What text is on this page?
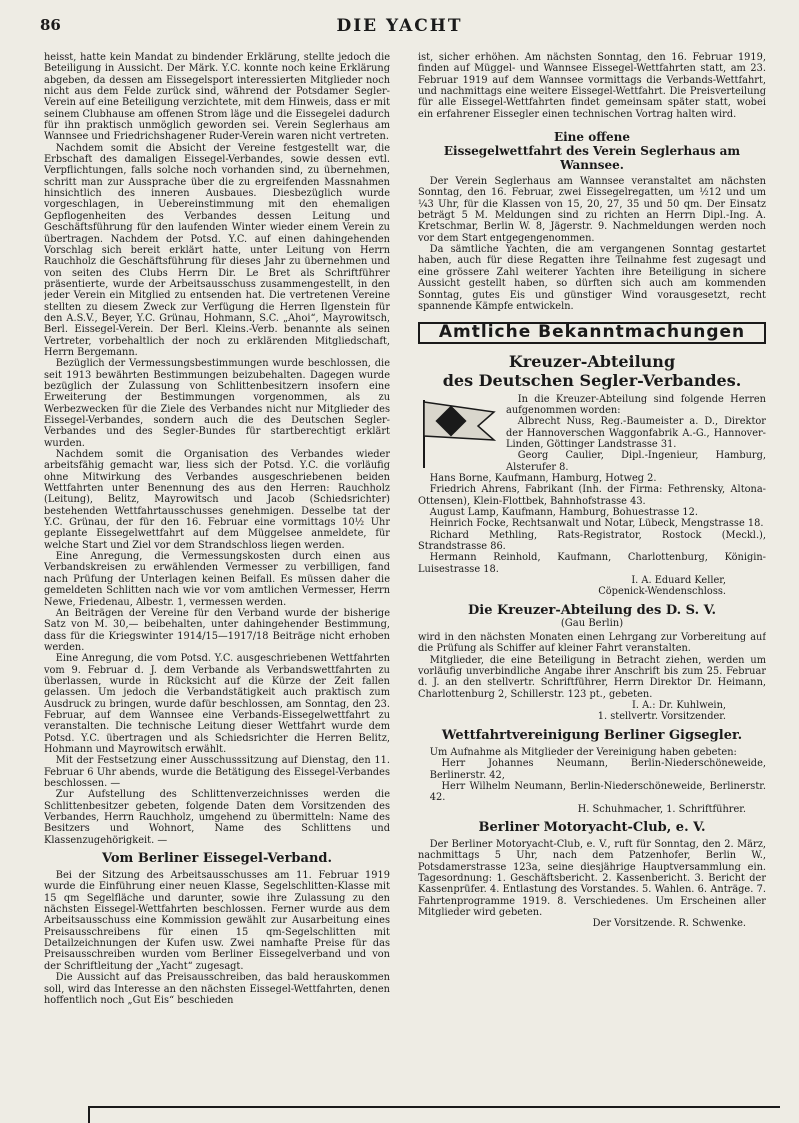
86	DIE YACHT

heisst, hatte kein Mandat zu bindender Erklärung, stellte jedoch die Beteiligung in Aussicht. Der Märk. Y.C. konnte noch keine Erklärung abgeben, da dessen am Eissegelsport interessierten Mitglieder noch nicht aus dem Felde zurück sind, während der Potsdamer Segler-Verein auf eine Beteiligung verzichtete, mit dem Hinweis, dass er mit seinem Clubhause am offenen Strom läge und die Eissegelei dadurch für ihn praktisch unmöglich geworden sei. Verein Seglerhaus am Wannsee und Friedrichshagener Ruder-Verein waren nicht vertreten.

Nachdem somit die Absicht der Vereine festgestellt war, die Erbschaft des damaligen Eissegel-Verbandes, sowie dessen evtl. Verpflichtungen, falls solche noch vorhanden sind, zu übernehmen, schritt man zur Aussprache über die zu ergreifenden Massnahmen hinsichtlich des inneren Ausbaues. Diesbezüglich wurde vorgeschlagen, in Uebereinstimmung mit den ehemaligen Gepflogenheiten des Verbandes dessen Leitung und Geschäftsführung für den laufenden Winter wieder einem Verein zu übertragen. Nachdem der Potsd. Y.C. auf einen dahingehenden Vorschlag sich bereit erklärt hatte, unter Leitung von Herrn Rauchholz die Geschäftsführung für dieses Jahr zu übernehmen und von seiten des Clubs Herrn Dir. Le Bret als Schriftführer präsentierte, wurde der Arbeitsausschuss zusammengestellt, in den jeder Verein ein Mitglied zu entsenden hat. Die vertretenen Vereine stellten zu diesem Zweck zur Verfügung die Herren Ilgenstein für den A.S.V., Beyer, Y.C. Grünau, Hohmann, S.C. „Ahoi“, Mayrowitsch, Berl. Eissegel-Verein. Der Berl. Kleins.-Verb. benannte als seinen Vertreter, vorbehaltlich der noch zu erklärenden Mitgliedschaft, Herrn Bergemann.

Bezüglich der Vermessungsbestimmungen wurde beschlossen, die seit 1913 bewährten Bestimmungen beizubehalten. Dagegen wurde bezüglich der Zulassung von Schlittenbesitzern insofern eine Erweiterung der Bestimmungen vorgenommen, als zu Werbezwecken für die Ziele des Verbandes nicht nur Mitglieder des Eissegel-Verbandes, sondern auch die des Deutschen Segler-Verbandes und des Segler-Bundes für startberechtigt erklärt wurden.

Nachdem somit die Organisation des Verbandes wieder arbeitsfähig gemacht war, liess sich der Potsd. Y.C. die vorläufig ohne Mitwirkung des Verbandes ausgeschriebenen beiden Wettfahrten unter Benennung des aus den Herren: Rauchholz (Leitung), Belitz, Mayrowitsch und Jacob (Schiedsrichter) bestehenden Wettfahrtausschusses genehmigen. Desselbe tat der Y.C. Grünau, der für den 16. Februar eine vormittags 10½ Uhr geplante Eissegelwettfahrt auf dem Müggelsee anmeldete, für welche Start und Ziel vor dem Strandschloss liegen werden.

Eine Anregung, die Vermessungskosten durch einen aus Verbandskreisen zu erwählenden Vermesser zu verbilligen, fand nach Prüfung der Unterlagen keinen Beifall. Es müssen daher die gemeldeten Schlitten nach wie vor vom amtlichen Vermesser, Herrn Newe, Friedenau, Albestr. 1, vermessen werden.

An Beiträgen der Vereine für den Verband wurde der bisherige Satz von M. 30,— beibehalten, unter dahingehender Bestimmung, dass für die Kriegswinter 1914/15—1917/18 Beiträge nicht erhoben werden.

Eine Anregung, die vom Potsd. Y.C. ausgeschriebenen Wettfahrten vom 9. Februar d. J. dem Verbande als Verbandswettfahrten zu überlassen, wurde in Rücksicht auf die Kürze der Zeit fallen gelassen. Um jedoch die Verbandstätigkeit auch praktisch zum Ausdruck zu bringen, wurde dafür beschlossen, am Sonntag, den 23. Februar, auf dem Wannsee eine Verbands-Eissegelwettfahrt zu veranstalten. Die technische Leitung dieser Wettfahrt wurde dem Potsd. Y.C. übertragen und als Schiedsrichter die Herren Belitz, Hohmann und Mayrowitsch erwählt.

Mit der Festsetzung einer Ausschusssitzung auf Dienstag, den 11. Februar 6 Uhr abends, wurde die Betätigung des Eissegel-Verbandes beschlossen. —

Zur Aufstellung des Schlittenverzeichnisses werden die Schlittenbesitzer gebeten, folgende Daten dem Vorsitzenden des Verbandes, Herrn Rauchholz, umgehend zu übermitteln: Name des Besitzers und Wohnort, Name des Schlittens und Klassenzugehörigkeit. —

Vom Berliner Eissegel-Verband.

Bei der Sitzung des Arbeitsausschusses am 11. Februar 1919 wurde die Einführung einer neuen Klasse, Segelschlitten-Klasse mit 15 qm Segelfläche und darunter, sowie ihre Zulassung zu den nächsten Eissegel-Wettfahrten beschlossen. Ferner wurde aus dem Arbeitsausschuss eine Kommission gewählt zur Ausarbeitung eines Preisausschreibens für einen 15 qm-Segelschlitten mit Detailzeichnungen der Kufen usw. Zwei namhafte Preise für das Preisausschreiben wurden vom Berliner Eissegelverband und von der Schriftleitung der „Yacht“ zugesagt.

Die Aussicht auf das Preisausschreiben, das bald herauskommen soll, wird das Interesse an den nächsten Eissegel-Wettfahrten, denen hoffentlich noch „Gut Eis“ beschieden

ist, sicher erhöhen. Am nächsten Sonntag, den 16. Februar 1919, finden auf Müggel- und Wannsee Eissegel-Wettfahrten statt, am 23. Februar 1919 auf dem Wannsee vormittags die Verbands-Wettfahrt, und nachmittags eine weitere Eissegel-Wettfahrt. Die Preisverteilung für alle Eissegel-Wettfahrten findet gemeinsam später statt, wobei ein erfahrener Eissegler einen technischen Vortrag halten wird.

Eine offene
Eissegelwettfahrt des Verein Seglerhaus am Wannsee.

Der Verein Seglerhaus am Wannsee veranstaltet am nächsten Sonntag, den 16. Februar, zwei Eissegelregatten, um ½12 und um ¼3 Uhr, für die Klassen von 15, 20, 27, 35 und 50 qm. Der Einsatz beträgt 5 M. Meldungen sind zu richten an Herrn Dipl.-Ing. A. Kretschmar, Berlin W. 8, Jägerstr. 9. Nachmeldungen werden noch vor dem Start entgegengenommen.

Da sämtliche Yachten, die am vergangenen Sonntag gestartet haben, auch für diese Regatten ihre Teilnahme fest zugesagt und eine grössere Zahl weiterer Yachten ihre Beteiligung in sichere Aussicht gestellt haben, so dürften sich auch am kommenden Sonntag, gutes Eis und günstiger Wind vorausgesetzt, recht spannende Kämpfe entwickeln.

Amtliche Bekanntmachungen
Kreuzer-Abteilung
des Deutschen Segler-Verbandes.

In die Kreuzer-Abteilung sind folgende Herren aufgenommen worden:

Albrecht Nuss, Reg.-Baumeister a. D., Direktor der Hannoverschen Waggonfabrik A.-G., Hannover-Linden, Göttinger Landstrasse 31.

Georg Caulier, Dipl.-Ingenieur, Hamburg, Alsterufer 8.

Hans Borne, Kaufmann, Hamburg, Hotweg 2.

Friedrich Ahrens, Fabrikant (Inh. der Firma: Fethrensky, Altona-Ottensen), Klein-Flottbek, Bahnhofstrasse 43.

August Lamp, Kaufmann, Hamburg, Bohuestrasse 12.

Heinrich Focke, Rechtsanwalt und Notar, Lübeck, Mengstrasse 18.

Richard Methling, Rats-Registrator, Rostock (Meckl.), Strandstrasse 86.

Hermann Reinhold, Kaufmann, Charlottenburg, Königin-Luisestrasse 18.

I. A. Eduard Keller,
Cöpenick-Wendenschloss.
Die Kreuzer-Abteilung des D. S. V.
(Gau Berlin)

wird in den nächsten Monaten einen Lehrgang zur Vorbereitung auf die Prüfung als Schiffer auf kleiner Fahrt veranstalten.

Mitglieder, die eine Beteiligung in Betracht ziehen, werden um vorläufig unverbindliche Angabe ihrer Anschrift bis zum 25. Februar d. J. an den stellvertr. Schriftführer, Herrn Direktor Dr. Heimann, Charlottenburg 2, Schillerstr. 123 pt., gebeten.

I. A.: Dr. Kuhlwein,
1. stellvertr. Vorsitzender.
Wettfahrtvereinigung Berliner Gigsegler.

Um Aufnahme als Mitglieder der Vereinigung haben gebeten:

Herr Johannes Neumann, Berlin-Niederschöneweide, Berlinerstr. 42,

Herr Wilhelm Neumann, Berlin-Niederschöneweide, Berlinerstr. 42.

H. Schuhmacher, 1. Schriftführer.
Berliner Motoryacht-Club, e. V.

Der Berliner Motoryacht-Club, e. V., ruft für Sonntag, den 2. März, nachmittags 5 Uhr, nach dem Patzenhofer, Berlin W., Potsdamerstrasse 123a, seine diesjährige Hauptversammlung ein. Tagesordnung: 1. Geschäftsbericht. 2. Kassenbericht. 3. Bericht der Kassenprüfer. 4. Entlastung des Vorstandes. 5. Wahlen. 6. Anträge. 7. Fahrtenprogramme 1919. 8. Verschiedenes. Um Erscheinen aller Mitglieder wird gebeten.

Der Vorsitzende. R. Schwenke.
